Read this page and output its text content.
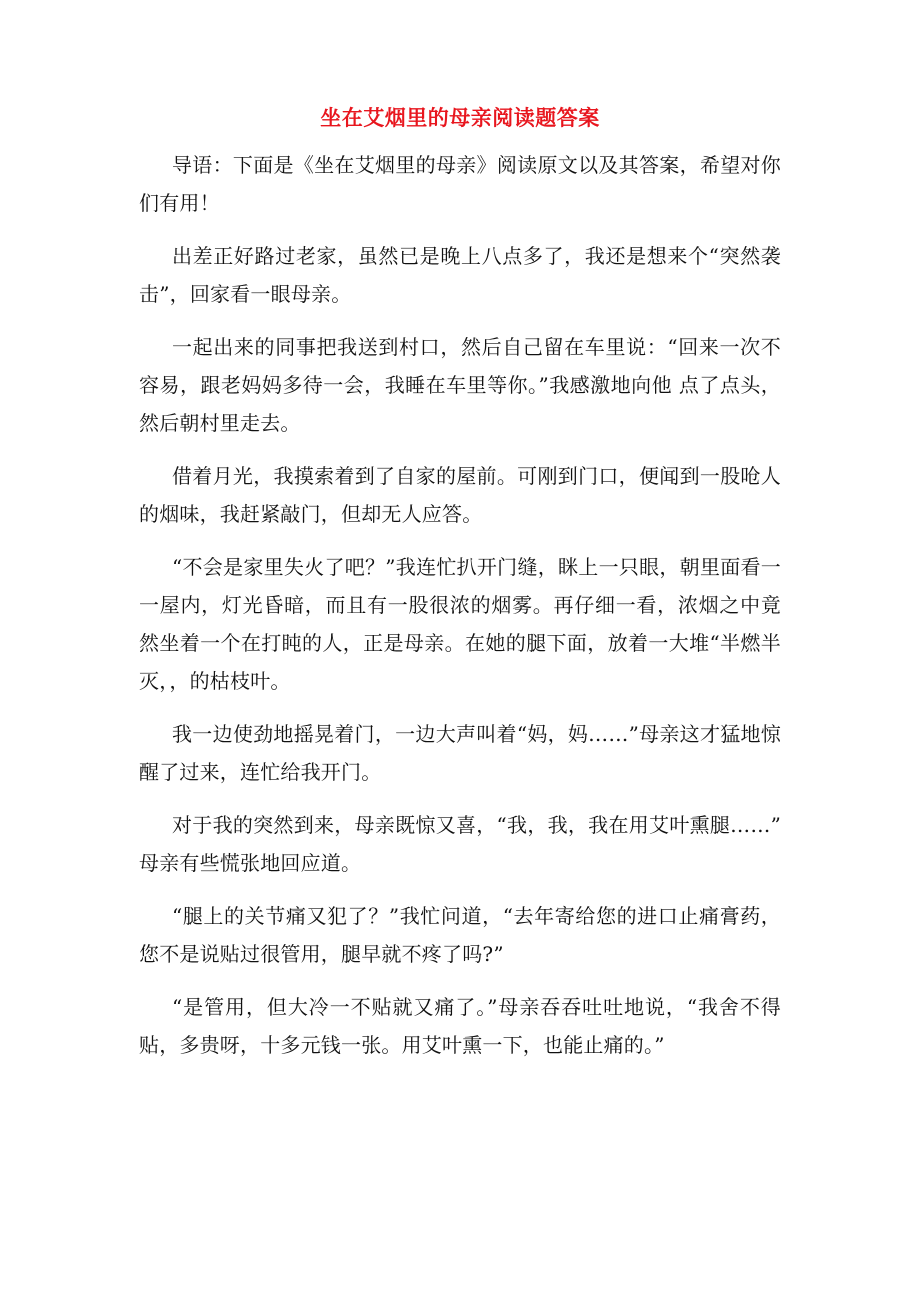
坐在艾烟里的母亲阅读题答案

导语：下面是《坐在艾烟里的母亲》阅读原文以及其答案，希望对你们有用！

出差正好路过老家，虽然已是晚上八点多了，我还是想来个“突然袭击”，回家看一眼母亲。

一起出来的同事把我送到村口，然后自己留在车里说：“回来一次不容易，跟老妈妈多待一会，我睡在车里等你。”我感激地向他 点了点头，然后朝村里走去。

借着月光，我摸索着到了自家的屋前。可刚到门口，便闻到一股呛人的烟味，我赶紧敲门，但却无人应答。

“不会是家里失火了吧？”我连忙扒开门缝，眯上一只眼，朝里面看一一屋内，灯光昏暗，而且有一股很浓的烟雾。再仔细一看，浓烟之中竟然坐着一个在打盹的人，正是母亲。在她的腿下面，放着一大堆“半燃半灭，，的枯枝叶。

我一边使劲地摇晃着门，一边大声叫着“妈，妈……”母亲这才猛地惊醒了过来，连忙给我开门。

对于我的突然到来，母亲既惊又喜，“我，我，我在用艾叶熏腿……” 母亲有些慌张地回应道。

“腿上的关节痛又犯了？”我忙问道，“去年寄给您的进口止痛膏药，您不是说贴过很管用，腿早就不疼了吗?”

“是管用，但大冷一不贴就又痛了。”母亲吞吞吐吐地说，“我舍不得贴，多贵呀，十多元钱一张。用艾叶熏一下，也能止痛的。”
